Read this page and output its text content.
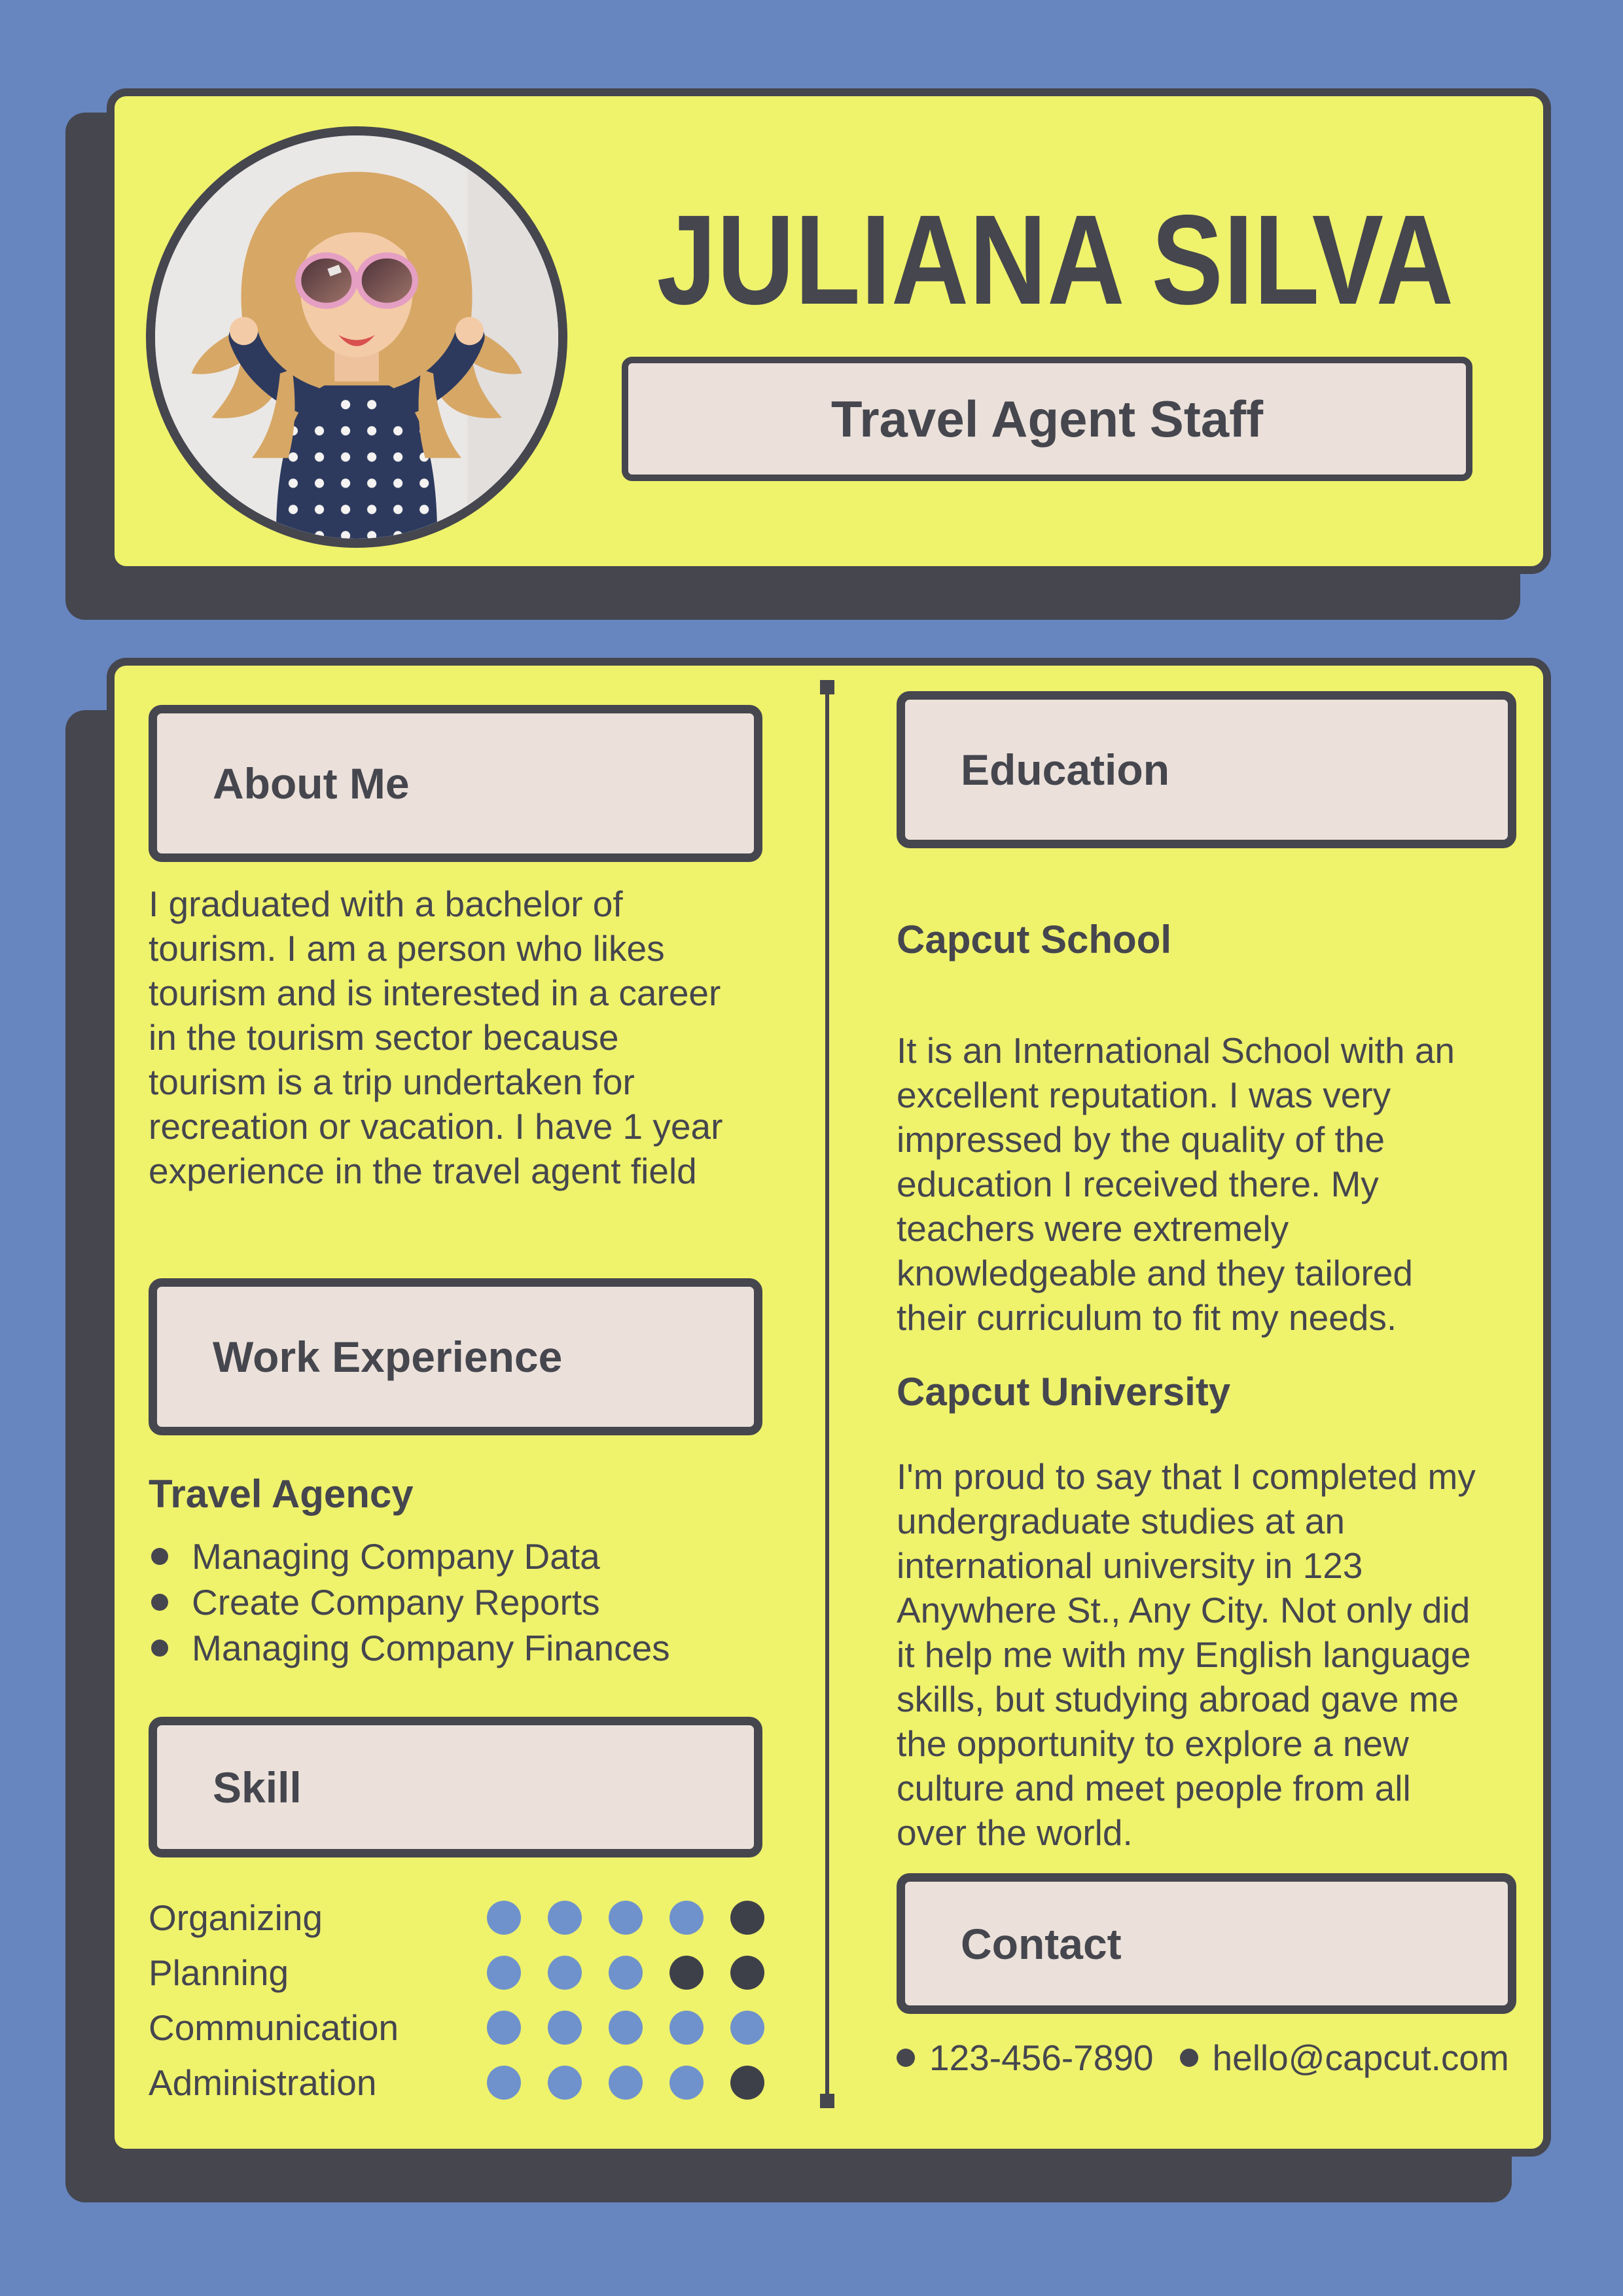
JULIANA SILVA
Travel Agent Staff
About Me
I graduated with a bachelor of
tourism. I am a person who likes
tourism and is interested in a career
in the tourism sector because
tourism is a trip undertaken for
recreation or vacation. I have 1 year
experience in the travel agent field
Work Experience
Travel Agency
Managing Company Data
Create Company Reports
Managing Company Finances
Skill
Organizing
Planning
Communication
Administration
Education
Capcut School
It is an International School with an
excellent reputation. I was very
impressed by the quality of the
education I received there. My
teachers were extremely
knowledgeable and they tailored
their curriculum to fit my needs.
Capcut University
I'm proud to say that I completed my
undergraduate studies at an
international university in 123
Anywhere St., Any City. Not only did
it help me with my English language
skills, but studying abroad gave me
the opportunity to explore a new
culture and meet people from all
over the world.
Contact
123-456-7890 hello@capcut.com
